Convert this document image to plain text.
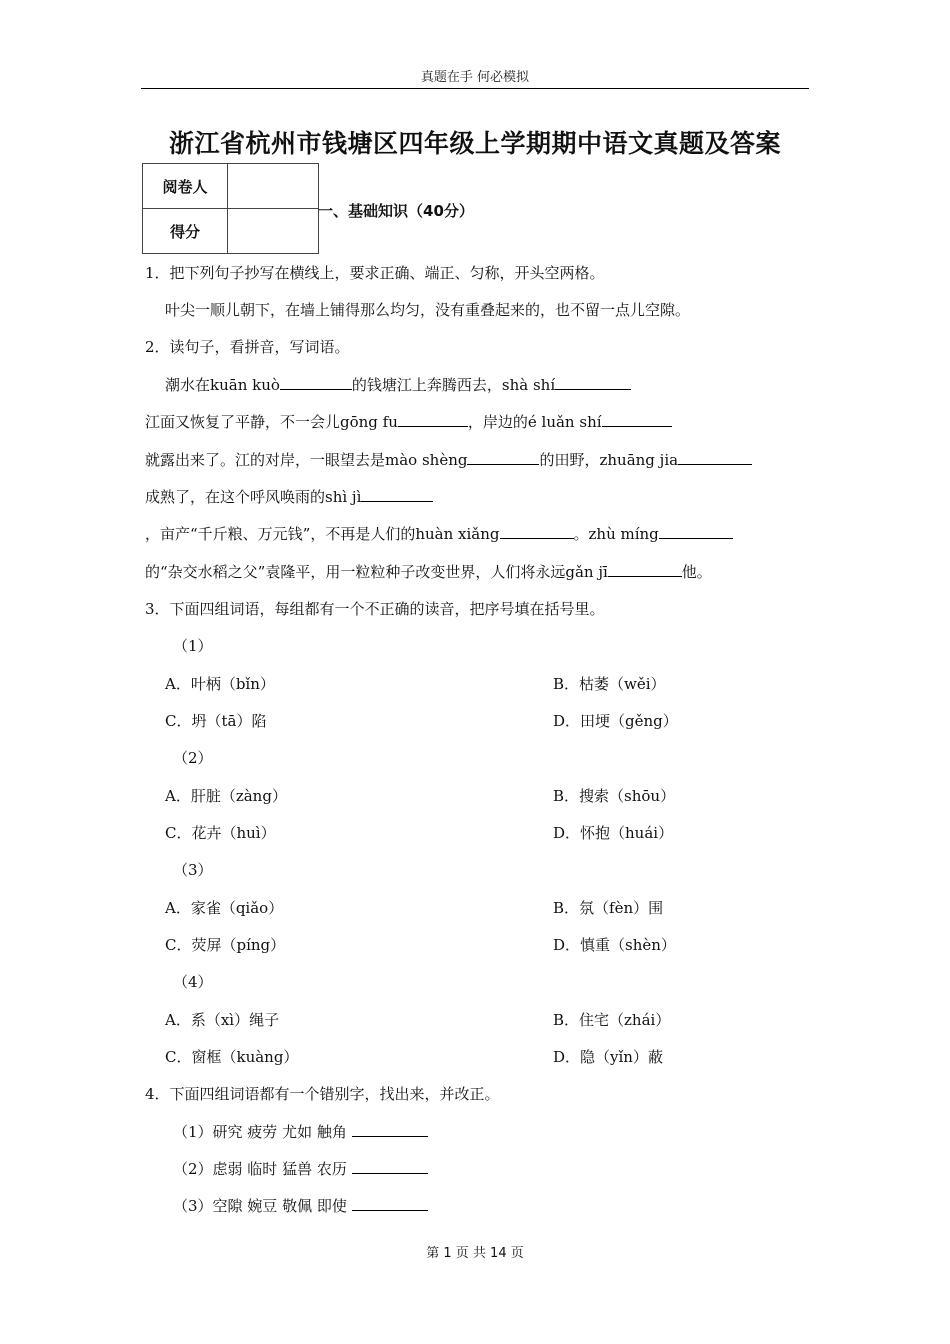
真题在手 何必模拟
浙江省杭州市钱塘区四年级上学期期中语文真题及答案
阅卷人	
得分	
一、基础知识（40分）
1．把下列句子抄写在横线上，要求正确、端正、匀称，开头空两格。
叶尖一顺儿朝下，在墙上铺得那么均匀，没有重叠起来的，也不留一点儿空隙。
2．读句子，看拼音，写词语。
潮水在kuān kuò	的钱塘江上奔腾西去，shà shí
江面又恢复了平静，不一会儿gōng fu	，岸边的é luǎn shí
就露出来了。江的对岸，一眼望去是mào shèng	的田野，zhuāng jia
成熟了，在这个呼风唤雨的shì jì
，亩产“千斤粮、万元钱”，不再是人们的huàn xiǎng	。zhù míng
的“杂交水稻之父”袁隆平，用一粒粒种子改变世界，人们将永远gǎn jī	他。
3．下面四组词语，每组都有一个不正确的读音，把序号填在括号里。
（1）
A．叶柄（bǐn）	B．枯萎（wěi）
C．坍（tā）陷	D．田埂（gěng）
（2）
A．肝脏（zàng）	B．搜索（shōu）
C．花卉（huì）	D．怀抱（huái）
（3）
A．家雀（qiǎo）	B．氛（fèn）围
C．荧屏（píng）	D．慎重（shèn）
（4）
A．系（xì）绳子	B．住宅（zhái）
C．窗框（kuàng）	D．隐（yǐn）蔽
4．下面四组词语都有一个错别字，找出来，并改正。
（1）研究 疲劳 尤如 触角
（2）虑弱 临时 猛兽 农历
（3）空隙 婉豆 敬佩 即使
第 1 页 共 14 页
